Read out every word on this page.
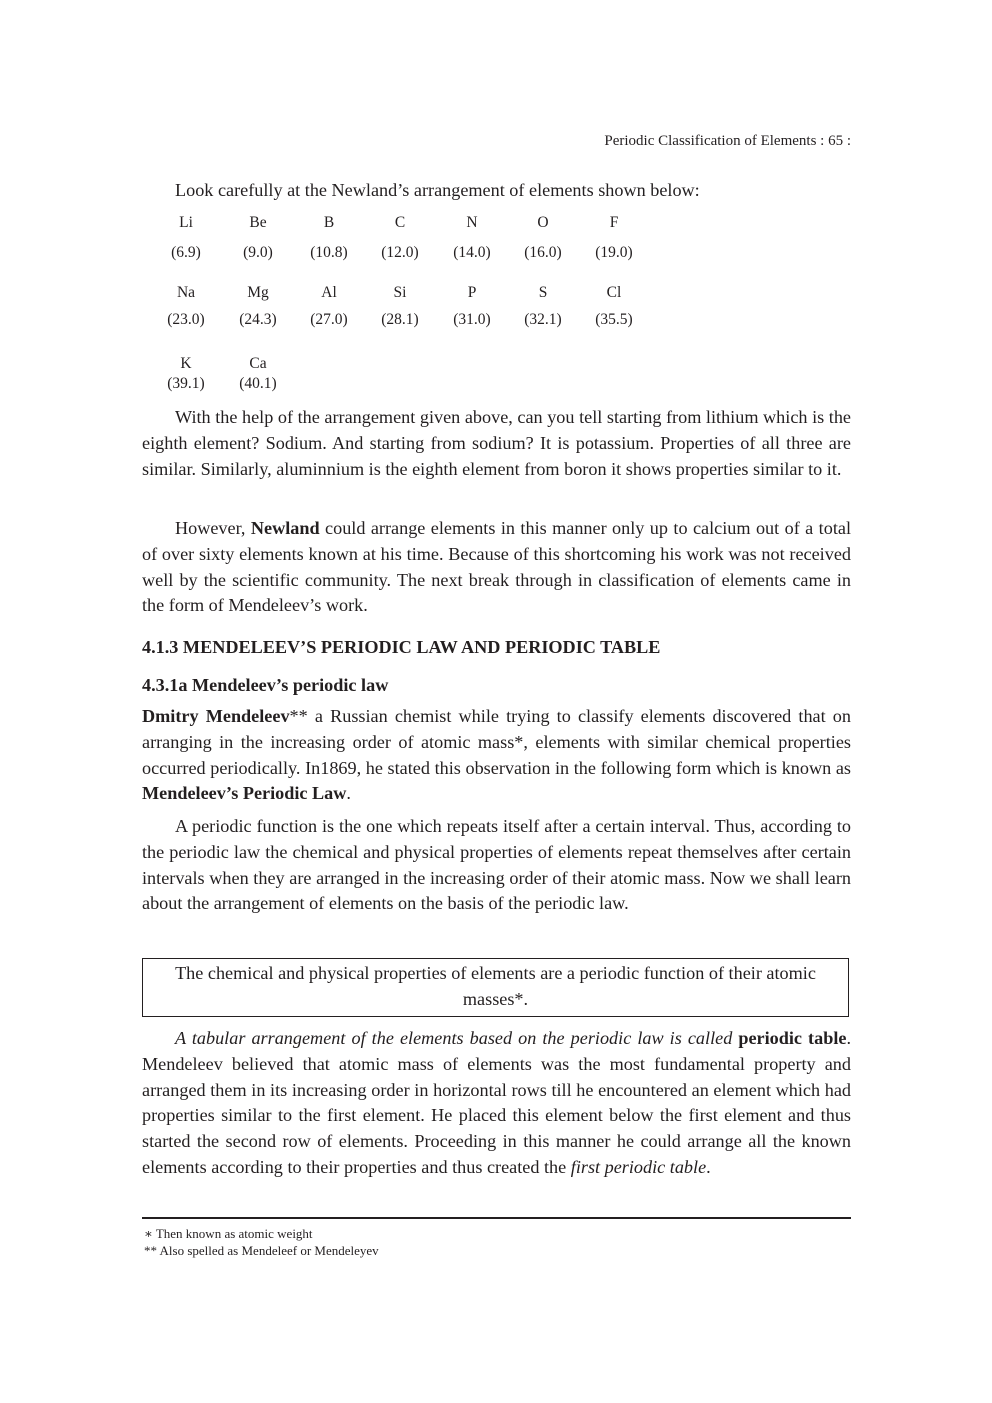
Periodic Classification of Elements : 65 :

Look carefully at the Newland’s arrangement of elements shown below:

Li	Be	B	C	N	O	F
(6.9)	(9.0)	(10.8)	(12.0)	(14.0)	(16.0)	(19.0)
Na	Mg	Al	Si	P	S	Cl
(23.0)	(24.3)	(27.0)	(28.1)	(31.0)	(32.1)	(35.5)
K	Ca
(39.1)	(40.1)

With the help of the arrangement given above, can you tell starting from lithium which is the eighth element? Sodium. And starting from sodium? It is potassium. Properties of all three are similar. Similarly, aluminnium is the eighth element from boron it shows properties similar to it.

However, Newland could arrange elements in this manner only up to calcium out of a total of over sixty elements known at his time. Because of this shortcoming his work was not received well by the scientific community. The next break through in classification of elements came in the form of Mendeleev’s work.

4.1.3 MENDELEEV’S PERIODIC LAW AND PERIODIC TABLE
4.3.1a Mendeleev’s periodic law

Dmitry Mendeleev** a Russian chemist while trying to classify elements discovered that on arranging in the increasing order of atomic mass*, elements with similar chemical properties occurred periodically. In1869, he stated this observation in the following form which is known as Mendeleev’s Periodic Law.

A periodic function is the one which repeats itself after a certain interval. Thus, according to the periodic law the chemical and physical properties of elements repeat themselves after certain intervals when they are arranged in the increasing order of their atomic mass. Now we shall learn about the arrangement of elements on the basis of the periodic law.

The chemical and physical properties of elements are a periodic function of their atomic masses*.

A tabular arrangement of the elements based on the periodic law is called periodic table. Mendeleev believed that atomic mass of elements was the most fundamental property and arranged them in its increasing order in horizontal rows till he encountered an element which had properties similar to the first element. He placed this element below the first element and thus started the second row of elements. Proceeding in this manner he could arrange all the known elements according to their properties and thus created the first periodic table.

∗ Then known as atomic weight
** Also spelled as Mendeleef or Mendeleyev
